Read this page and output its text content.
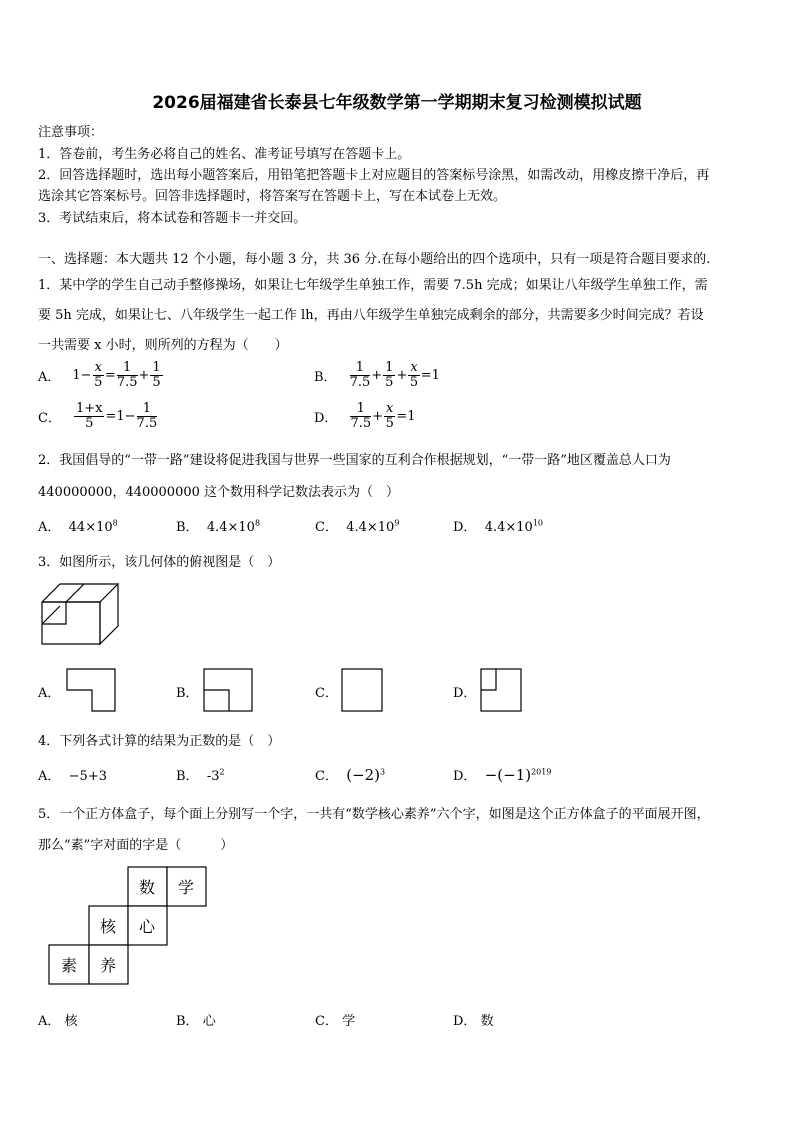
2026届福建省长泰县七年级数学第一学期期末复习检测模拟试题
注意事项：
1．答卷前，考生务必将自己的姓名、准考证号填写在答题卡上。
2．回答选择题时，选出每小题答案后，用铅笔把答题卡上对应题目的答案标号涂黑，如需改动，用橡皮擦干净后，再
选涂其它答案标号。回答非选择题时，将答案写在答题卡上，写在本试卷上无效。
3．考试结束后，将本试卷和答题卡一并交回。
一、选择题：本大题共 12 个小题，每小题 3 分，共 36 分.在每小题给出的四个选项中，只有一项是符合题目要求的.
1．某中学的学生自己动手整修操场，如果让七年级学生单独工作，需要 7.5h 完成；如果让八年级学生单独工作，需
要 5h 完成，如果让七、八年级学生一起工作 lh，再由八年级学生单独完成剩余的部分，共需要多少时间完成？若设
一共需要 x 小时，则所列的方程为（　　）
A． $1 - \frac{x}{5} = \frac{1}{7.5} + \frac{1}{5}$	B． $\frac{1}{7.5} + \frac{1}{5} + \frac{x}{5} = 1$
C． $\frac{1+x}{5} = 1 - \frac{1}{7.5}$	D． $\frac{1}{7.5} + \frac{x}{5} = 1$
2．我国倡导的“一带一路”建设将促进我国与世界一些国家的互利合作根据规划，“一带一路”地区覆盖总人口为
440000000，440000000 这个数用科学记数法表示为（　）
A． $44\times 10^8$	B． $4.4\times 10^8$	C． $4.4\times 10^9$	D． $4.4\times 10^{10}$
3．如图所示，该几何体的俯视图是（　）
A．	B．	C．	D．
4．下列各式计算的结果为正数的是（　）
A． −5+3	B． $-3^2$	C． $(-2)^3$	D． $-(-1)^{2019}$
5．一个正方体盒子，每个面上分别写一个字，一共有“数学核心素养”六个字，如图是这个正方体盒子的平面展开图，
那么“素”字对面的字是（　　　）
数 学
核 心
素 养
A． 核	B． 心	C． 学	D． 数
